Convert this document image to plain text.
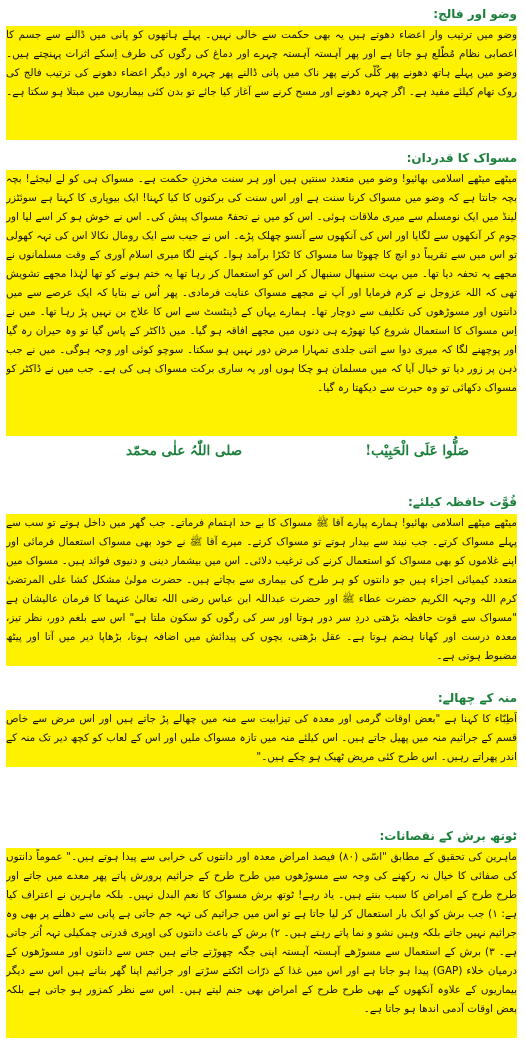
وضو اور فالج:
وضو میں ترتیب وار اعضاء دھوتے ہیں یہ بھی حکمت سے خالی نہیں۔ پہلے ہاتھوں کو پانی میں ڈالنے سے جسم کا اعصابی نظام مُطّلع ہو جاتا ہے اور پھر آہستہ آہستہ چہرے اور دماغ کی رگوں کی طرف اِسکے اثرات پہنچتے ہیں۔ وضو میں پہلے ہاتھ دھونے پھر کُلّی کرنے پھر ناک میں پانی ڈالنے پھر چہرہ اور دیگر اعضاء دھونے کی ترتیب فالج کی روک تھام کیلئے مفید ہے۔ اگر چہرہ دھونے اور مسح کرنے سے آغاز کیا جائے تو بدن کئی بیماریوں میں مبتلا ہو سکتا ہے۔
مسواک کا قدردان:
میٹھے میٹھے اسلامی بھائیو! وضو میں متعدد سنتیں ہیں اور ہر سنت مخزنِ حکمت ہے۔ مسواک ہی کو لے لیجئے! بچہ بچہ جانتا ہے کہ وضو میں مسواک کرنا سنت ہے اور اس سنت کی برکتوں کا کیا کہنا! ایک بیوپاری کا کہنا ہے سوئٹزر لینڈ میں ایک نومسلم سے میری ملاقات ہوئی۔ اس کو میں نے تحفۃً مسواک پیش کی۔ اس نے خوش ہو کر اسے لیا اور چوم کر آنکھوں سے لگایا اور اس کی آنکھوں سے آنسو چھلک پڑے۔ اس نے جیب سے ایک رومال نکالا اس کی تہہ کھولی تو اس میں سے تقریباً دو انچ کا چھوٹا سا مسواک کا ٹکڑا برآمد ہوا۔ کہنے لگا میری اسلام آوری کے وقت مسلمانوں نے مجھے یہ تحفہ دیا تھا۔ میں بہت سنبھال سنبھال کر اس کو استعمال کر رہا تھا یہ ختم ہونے کو تھا لہٰذا مجھے تشویش تھی کہ اللہ عزوجل نے کرم فرمایا اور آپ نے مجھے مسواک عنایت فرمادی۔ پھر اُس نے بتایا کہ ایک عرصے سے میں دانتوں اور مسوڑھوں کی تکلیف سے دوچار تھا۔ ہمارے یہاں کے ڈینٹسٹ سے اس کا علاج بن نہیں پڑ رہا تھا۔ میں نے اِس مسواک کا استعمال شروع کیا تھوڑے ہی دنوں میں مجھے افاقہ ہو گیا۔ میں ڈاکٹر کے پاس گیا تو وہ حیران رہ گیا اور پوچھنے لگا کہ میری دوا سے اتنی جلدی تمہارا مرض دور نہیں ہو سکتا۔ سوچو کوئی اور وجہ ہوگی۔ میں نے جب ذہن پر زور دیا تو خیال آیا کہ میں مسلمان ہو چکا ہوں اور یہ ساری برکت مسواک ہی کی ہے۔ جب میں نے ڈاکٹر کو مسواک دکھائی تو وہ حیرت سے دیکھتا رہ گیا۔
صلی اللّٰہُ علٰی محمّد	صَلُّوا عَلَی الْحَبِیْب!
قُوَّت حافظہ کیلئے:
میٹھے میٹھے اسلامی بھائیو! ہمارے پیارے آقا ﷺ مسواک کا بے حد اہتمام فرماتے۔ جب گھر میں داخل ہوتے تو سب سے پہلے مسواک کرتے۔ جب نیند سے بیدار ہوتے تو مسواک کرتے۔ میرے آقا ﷺ نے خود بھی مسواک استعمال فرمائی اور اپنے غلاموں کو بھی مسواک کو استعمال کرنے کی ترغیب دلائی۔ اس میں بیشمار دینی و دنیوی فوائد ہیں۔ مسواک میں متعدد کیمیائی اجزاء ہیں جو دانتوں کو ہر طرح کی بیماری سے بچاتے ہیں۔ حضرت مولیٰ مشکل کشا علی المرتضیٰ کرم اللہ وجہہ الکریم حضرت عطاء ﷺ اور حضرت عبداللہ ابن عباس رضی اللہ تعالیٰ عنہما کا فرمان عالیشان ہے "مسواک سے قوت حافظہ بڑھتی دردِ سر دور ہوتا اور سر کی رگوں کو سکون ملتا ہے" اس سے بلغم دور، نظر تیز، معدہ درست اور کھانا ہضم ہوتا ہے۔ عقل بڑھتی، بچوں کی پیدائش میں اضافہ ہوتا، بڑھاپا دیر میں آتا اور پیٹھ مضبوط ہوتی ہے۔
منہ کے چھالے:
اَطِبّاء کا کہنا ہے "بعض اوقات گرمی اور معدہ کی تیزابیت سے منہ میں چھالے پڑ جاتے ہیں اور اس مرض سے خاص قسم کے جراثیم منہ میں پھیل جاتے ہیں۔ اس کیلئے منہ میں تازہ مسواک ملیں اور اس کے لعاب کو کچھ دیر تک منہ کے اندر پھراتے رہیں۔ اس طرح کئی مریض ٹھیک ہو چکے ہیں۔"
ٹوتھ برش کے نقصانات:
ماہرین کی تحقیق کے مطابق "اسّی (۸۰) فیصد امراض معدہ اور دانتوں کی خرابی سے پیدا ہوتے ہیں۔" عموماً دانتوں کی صفائی کا خیال نہ رکھنے کی وجہ سے مسوڑھوں میں طرح طرح کے جراثیم پرورش پاتے پھر معدے میں جاتے اور طرح طرح کے امراض کا سبب بنتے ہیں۔ یاد رہے! ٹوتھ برش مسواک کا نعم البدل نہیں۔ بلکہ ماہرین نے اعتراف کیا ہے: ۱) جب برش کو ایک بار استعمال کر لیا جاتا ہے تو اس میں جراثیم کی تہہ جم جاتی ہے پانی سے دھلنے پر بھی وہ جراثیم نہیں جاتے بلکہ وہیں نشو و نما پاتے رہتے ہیں۔ ۲) برش کے باعث دانتوں کی اوپری قدرتی چمکیلی تہہ اُتر جاتی ہے۔ ۳) برش کے استعمال سے مسوڑھے آہستہ آہستہ اپنی جگہ چھوڑتے جاتے ہیں جس سے دانتوں اور مسوڑھوں کے درمیان خلاء (GAP) پیدا ہو جاتا ہے اور اس میں غذا کے ذرّات اٹکتے سڑتے اور جراثیم اپنا گھر بناتے ہیں اس سے دیگر بیماریوں کے علاوہ آنکھوں کے بھی طرح طرح کے امراض بھی جنم لیتے ہیں۔ اس سے نظر کمزور ہو جاتی ہے بلکہ بعض اوقات آدمی اندھا ہو جاتا ہے۔
